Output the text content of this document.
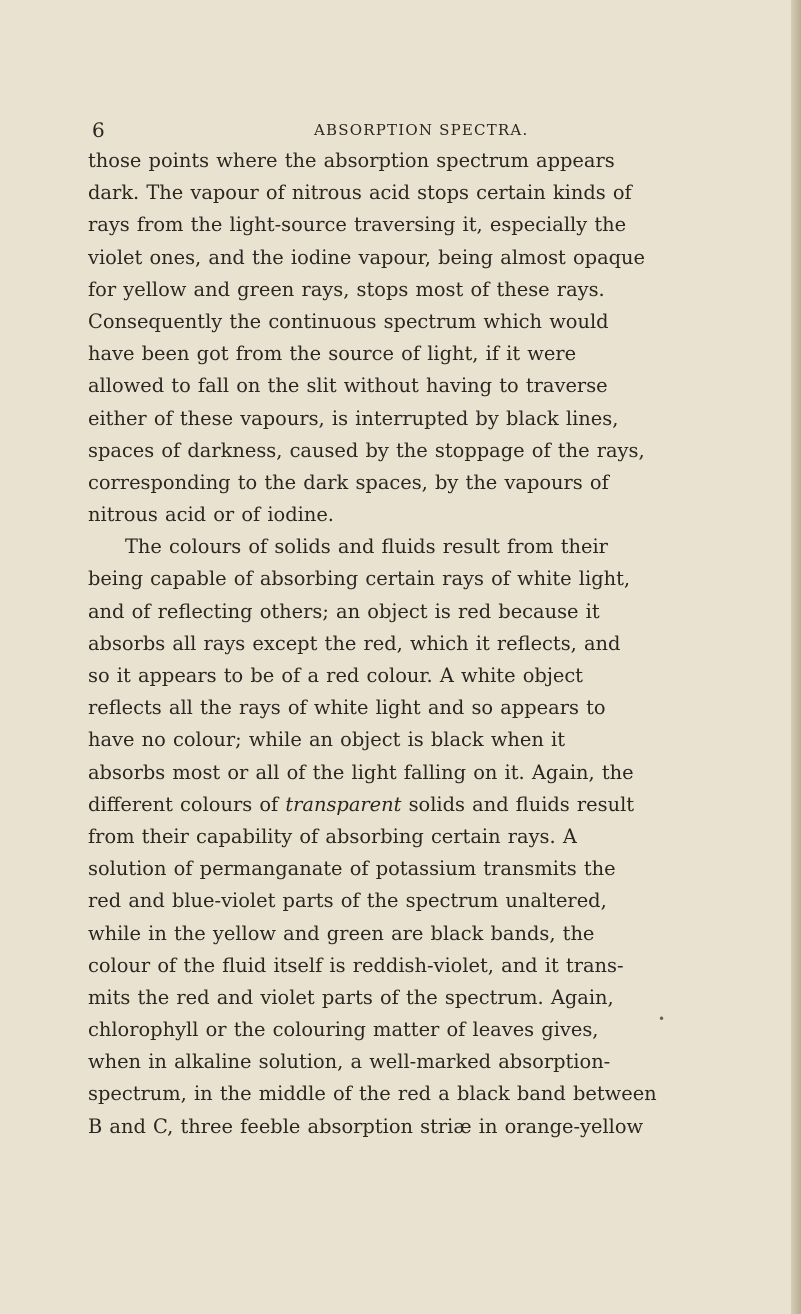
6	ABSORPTION SPECTRA.
those points where the absorption spectrum appears
dark. The vapour of nitrous acid stops certain kinds of
rays from the light-source traversing it, especially the
violet ones, and the iodine vapour, being almost opaque
for yellow and green rays, stops most of these rays.
Consequently the continuous spectrum which would
have been got from the source of light, if it were
allowed to fall on the slit without having to traverse
either of these vapours, is interrupted by black lines,
spaces of darkness, caused by the stoppage of the rays,
corresponding to the dark spaces, by the vapours of
nitrous acid or of iodine.
The colours of solids and fluids result from their
being capable of absorbing certain rays of white light,
and of reflecting others; an object is red because it
absorbs all rays except the red, which it reflects, and
so it appears to be of a red colour. A white object
reflects all the rays of white light and so appears to
have no colour; while an object is black when it
absorbs most or all of the light falling on it. Again, the
different colours of transparent solids and fluids result
from their capability of absorbing certain rays. A
solution of permanganate of potassium transmits the
red and blue-violet parts of the spectrum unaltered,
while in the yellow and green are black bands, the
colour of the fluid itself is reddish-violet, and it trans-
mits the red and violet parts of the spectrum. Again,
chlorophyll or the colouring matter of leaves gives,
when in alkaline solution, a well-marked absorption-
spectrum, in the middle of the red a black band between
B and C, three feeble absorption striæ in orange-yellow
•
